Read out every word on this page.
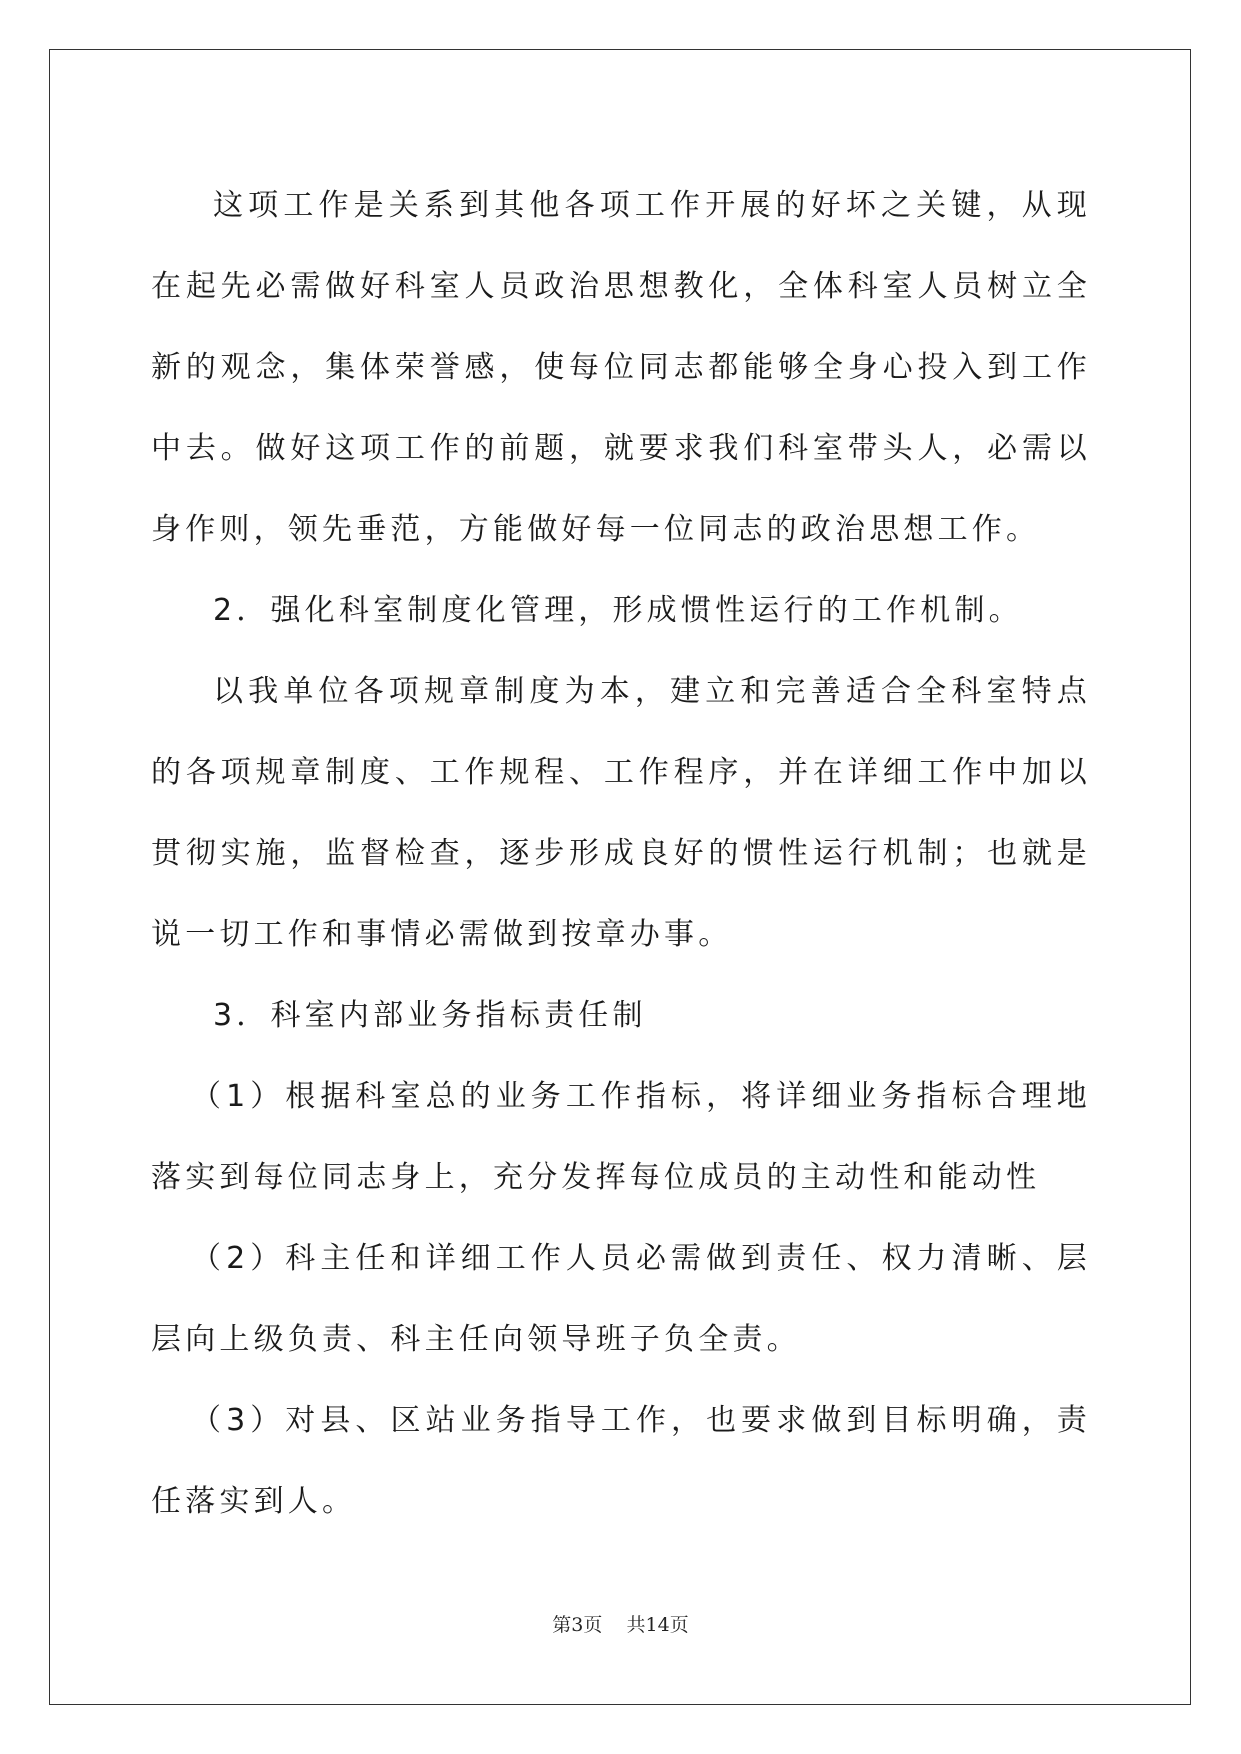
这项工作是关系到其他各项工作开展的好坏之关键，从现在起先必需做好科室人员政治思想教化，全体科室人员树立全新的观念，集体荣誉感，使每位同志都能够全身心投入到工作中去。做好这项工作的前题，就要求我们科室带头人，必需以身作则，领先垂范，方能做好每一位同志的政治思想工作。

2．强化科室制度化管理，形成惯性运行的工作机制。

以我单位各项规章制度为本，建立和完善适合全科室特点的各项规章制度、工作规程、工作程序，并在详细工作中加以贯彻实施，监督检查，逐步形成良好的惯性运行机制；也就是说一切工作和事情必需做到按章办事。

3．科室内部业务指标责任制

（1）根据科室总的业务工作指标，将详细业务指标合理地落实到每位同志身上，充分发挥每位成员的主动性和能动性

（2）科主任和详细工作人员必需做到责任、权力清晰、层层向上级负责、科主任向领导班子负全责。

（3）对县、区站业务指导工作，也要求做到目标明确，责任落实到人。

第3页 共14页
